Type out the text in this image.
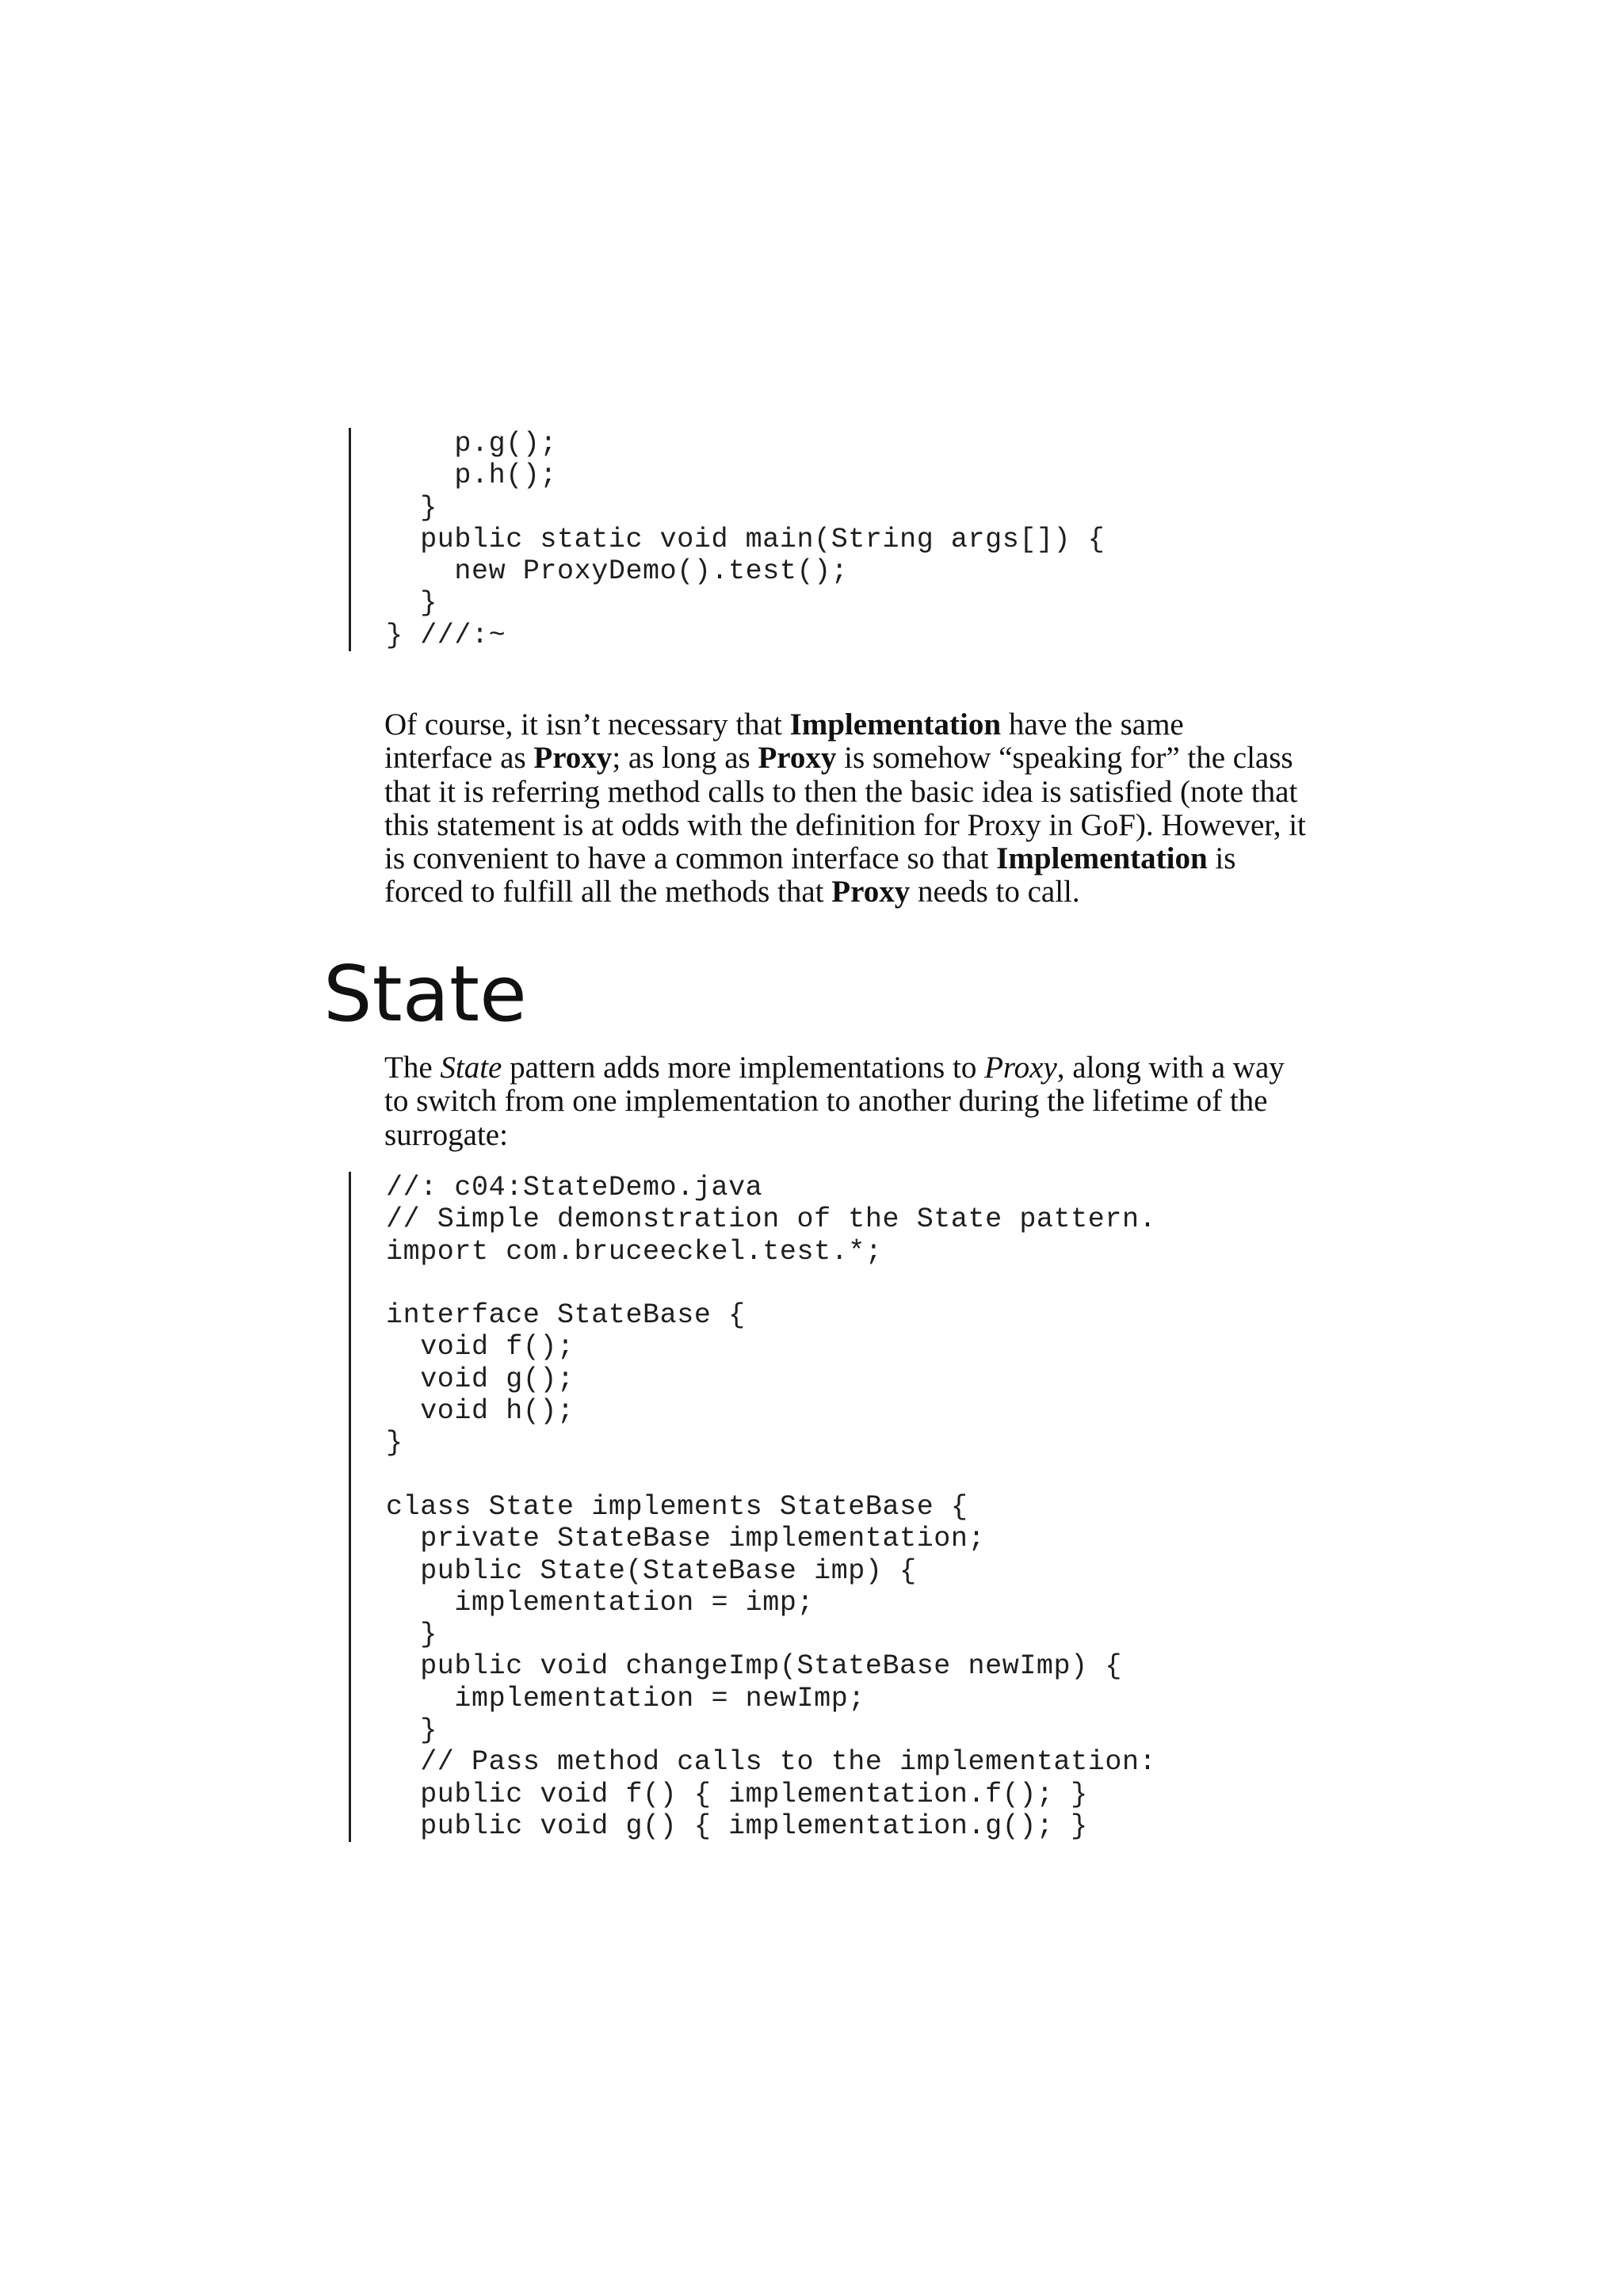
p.g();
p.h();
}
public static void main(String args[]) {
new ProxyDemo().test();
}
} ///:~

Of course, it isn’t necessary that Implementation have the same

interface as Proxy; as long as Proxy is somehow “speaking for” the class

that it is referring method calls to then the basic idea is satisfied (note that

this statement is at odds with the definition for Proxy in GoF). However, it

is convenient to have a common interface so that Implementation is

forced to fulfill all the methods that Proxy needs to call.

State

The State pattern adds more implementations to Proxy, along with a way

to switch from one implementation to another during the lifetime of the

surrogate:

//: c04:StateDemo.java
// Simple demonstration of the State pattern.
import com.bruceeckel.test.*;
interface StateBase {
void f();
void g();
void h();
}
class State implements StateBase {
private StateBase implementation;
public State(StateBase imp) {
implementation = imp;
}
public void changeImp(StateBase newImp) {
implementation = newImp;
}
// Pass method calls to the implementation:
public void f() { implementation.f(); }
public void g() { implementation.g(); }
